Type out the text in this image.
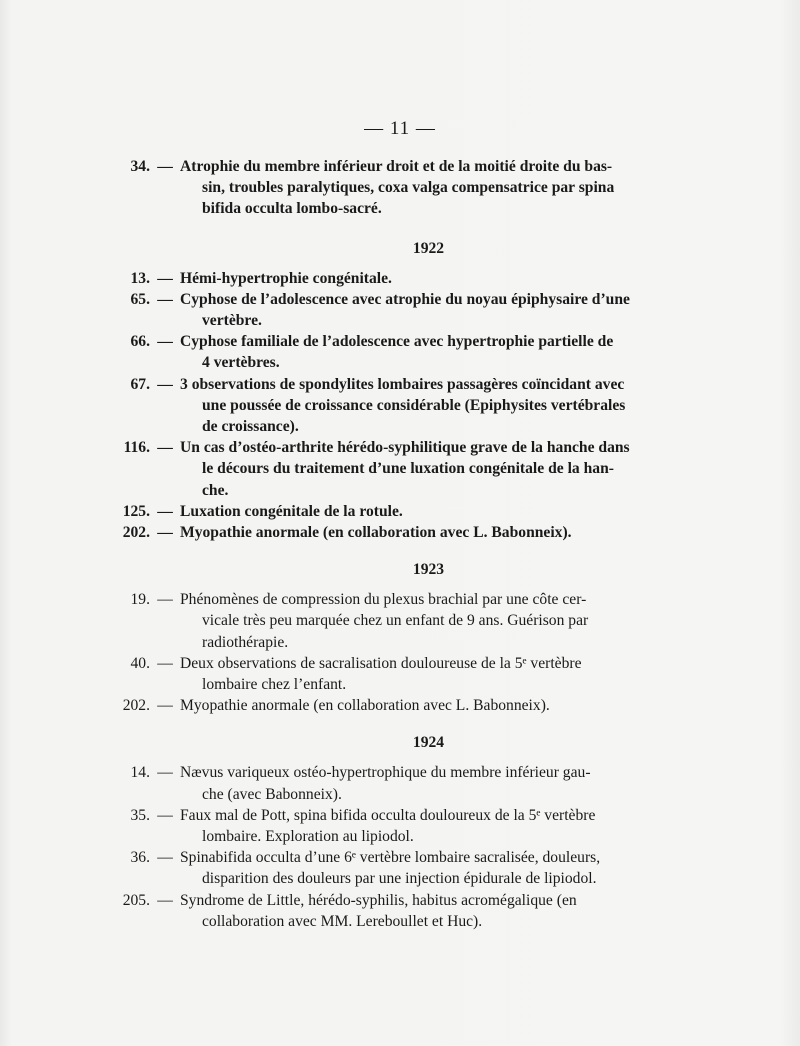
— 11 —
34. — Atrophie du membre inférieur droit et de la moitié droite du bas-
sin, troubles paralytiques, coxa valga compensatrice par spina
bifida occulta lombo-sacré.
1922
13. — Hémi-hypertrophie congénitale.
65. — Cyphose de l’adolescence avec atrophie du noyau épiphysaire d’une
vertèbre.
66. — Cyphose familiale de l’adolescence avec hypertrophie partielle de
4 vertèbres.
67. — 3 observations de spondylites lombaires passagères coïncidant avec
une poussée de croissance considérable (Epiphysites vertébrales
de croissance).
116. — Un cas d’ostéo-arthrite hérédo-syphilitique grave de la hanche dans
le décours du traitement d’une luxation congénitale de la han-
che.
125. — Luxation congénitale de la rotule.
202. — Myopathie anormale (en collaboration avec L. Babonneix).
1923
19. — Phénomènes de compression du plexus brachial par une côte cer-
vicale très peu marquée chez un enfant de 9 ans. Guérison par
radiothérapie.
40. — Deux observations de sacralisation douloureuse de la 5ᵉ vertèbre
lombaire chez l’enfant.
202. — Myopathie anormale (en collaboration avec L. Babonneix).
1924
14. — Nævus variqueux ostéo-hypertrophique du membre inférieur gau-
che (avec Babonneix).
35. — Faux mal de Pott, spina bifida occulta douloureux de la 5ᵉ vertèbre
lombaire. Exploration au lipiodol.
36. — Spinabifida occulta d’une 6ᵉ vertèbre lombaire sacralisée, douleurs,
disparition des douleurs par une injection épidurale de lipiodol.
205. — Syndrome de Little, hérédo-syphilis, habitus acromégalique (en
collaboration avec MM. Lereboullet et Huc).
